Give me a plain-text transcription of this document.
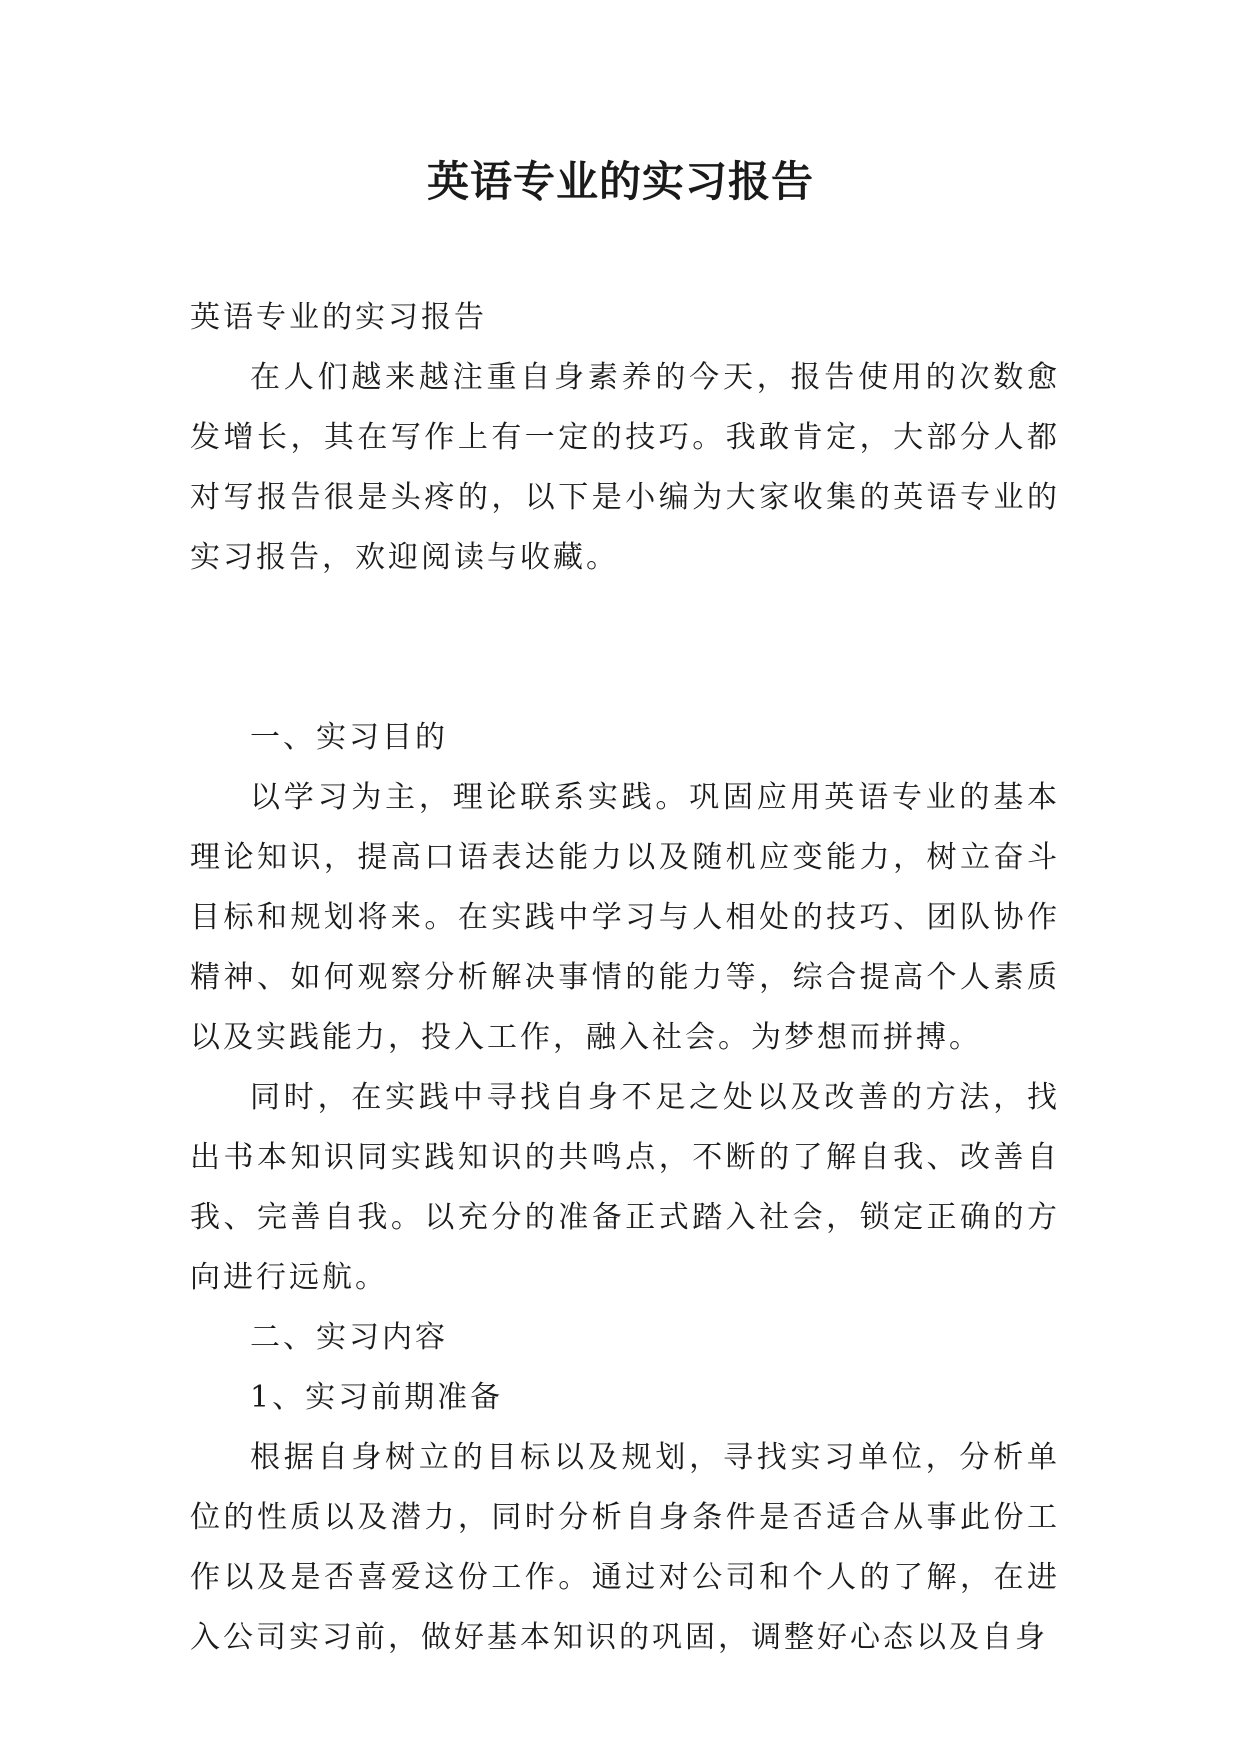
英语专业的实习报告

英语专业的实习报告

在人们越来越注重自身素养的今天，报告使用的次数愈发增长，其在写作上有一定的技巧。我敢肯定，大部分人都对写报告很是头疼的，以下是小编为大家收集的英语专业的实习报告，欢迎阅读与收藏。

一、实习目的

以学习为主，理论联系实践。巩固应用英语专业的基本理论知识，提高口语表达能力以及随机应变能力，树立奋斗目标和规划将来。在实践中学习与人相处的技巧、团队协作精神、如何观察分析解决事情的能力等，综合提高个人素质以及实践能力，投入工作，融入社会。为梦想而拼搏。

同时，在实践中寻找自身不足之处以及改善的方法，找出书本知识同实践知识的共鸣点，不断的了解自我、改善自我、完善自我。以充分的准备正式踏入社会，锁定正确的方向进行远航。

二、实习内容

1、实习前期准备

根据自身树立的目标以及规划，寻找实习单位，分析单位的性质以及潜力，同时分析自身条件是否适合从事此份工作以及是否喜爱这份工作。通过对公司和个人的了解，在进入公司实习前，做好基本知识的巩固，调整好心态以及自身
